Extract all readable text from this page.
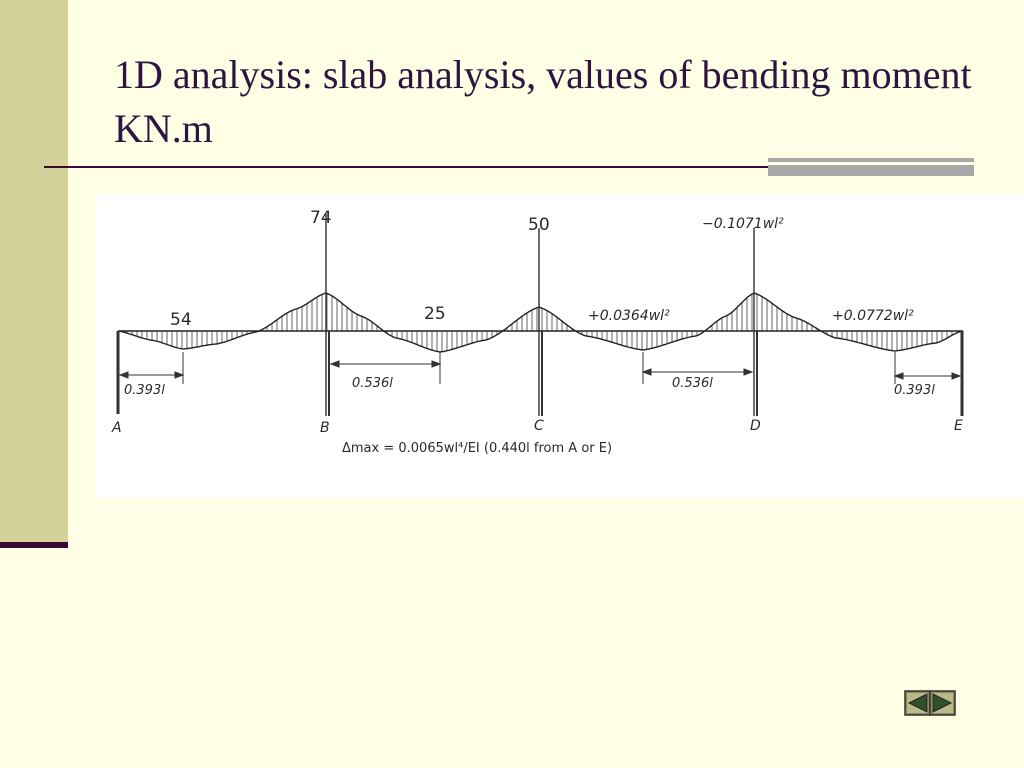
1D analysis: slab analysis, values of bending moment KN.m
74	50	−0.1071wl²
54	25	+0.0364wl²	+0.0772wl²
0.393l	0.536l	0.536l	0.393l
A	B	C	D	E
Δmax = 0.0065wl⁴/EI (0.440l from A or E)
